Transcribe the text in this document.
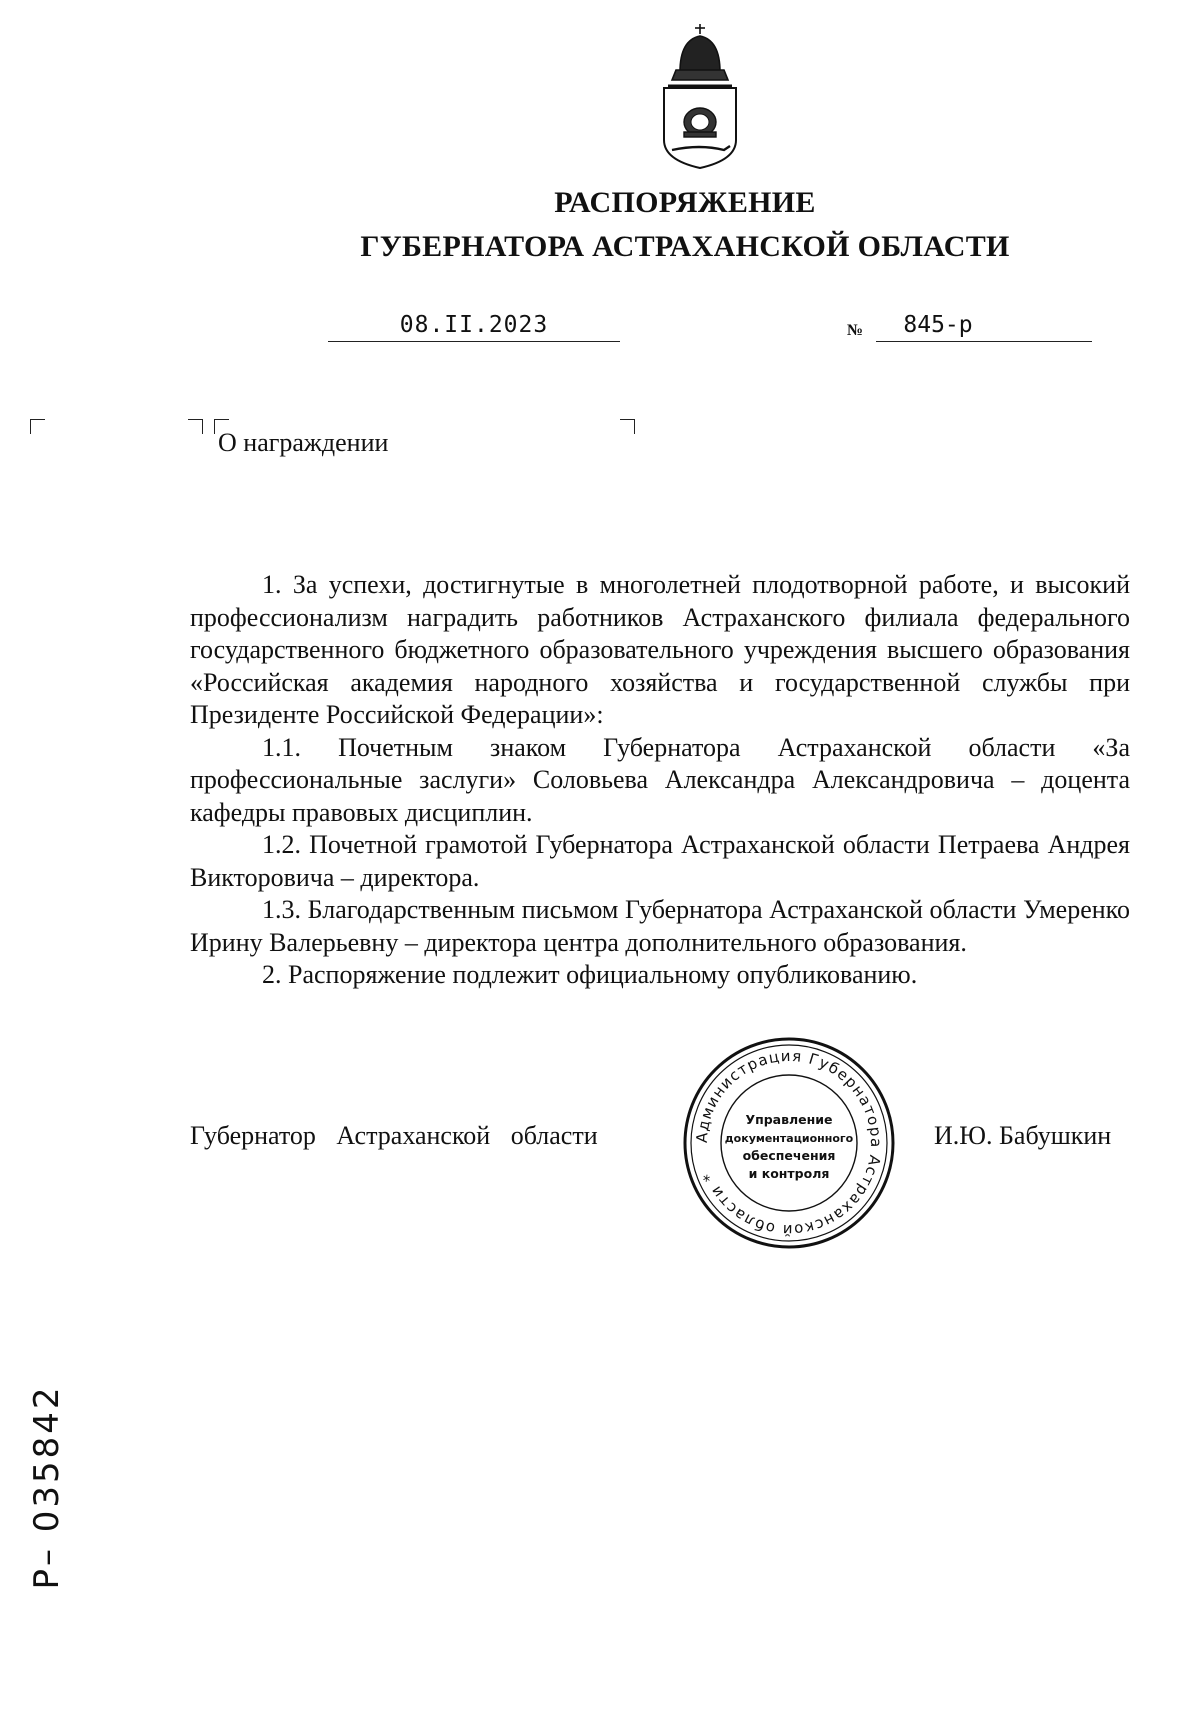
РАСПОРЯЖЕНИЕ
ГУБЕРНАТОРА АСТРАХАНСКОЙ ОБЛАСТИ
08.II.2023	№	845-р
О награждении

1. За успехи, достигнутые в многолетней плодотворной работе, и высокий профессионализм наградить работников Астраханского филиала федерального государственного бюджетного образовательного учреждения высшего образования «Российская академия народного хозяйства и государственной службы при Президенте Российской Федерации»:

1.1. Почетным знаком Губернатора Астраханской области «За профессиональные заслуги» Соловьева Александра Александровича – доцента кафедры правовых дисциплин.

1.2. Почетной грамотой Губернатора Астраханской области Петраева Андрея Викторовича – директора.

1.3. Благодарственным письмом Губернатора Астраханской области Умеренко Ирину Валерьевну – директора центра дополнительного образования.

2. Распоряжение подлежит официальному опубликованию.

Губернатор Астраханской области	И.Ю. Бабушкин
Администрация Губернатора Астраханской области *
Управление
документационного
обеспечения
и контроля
Р– 035842
